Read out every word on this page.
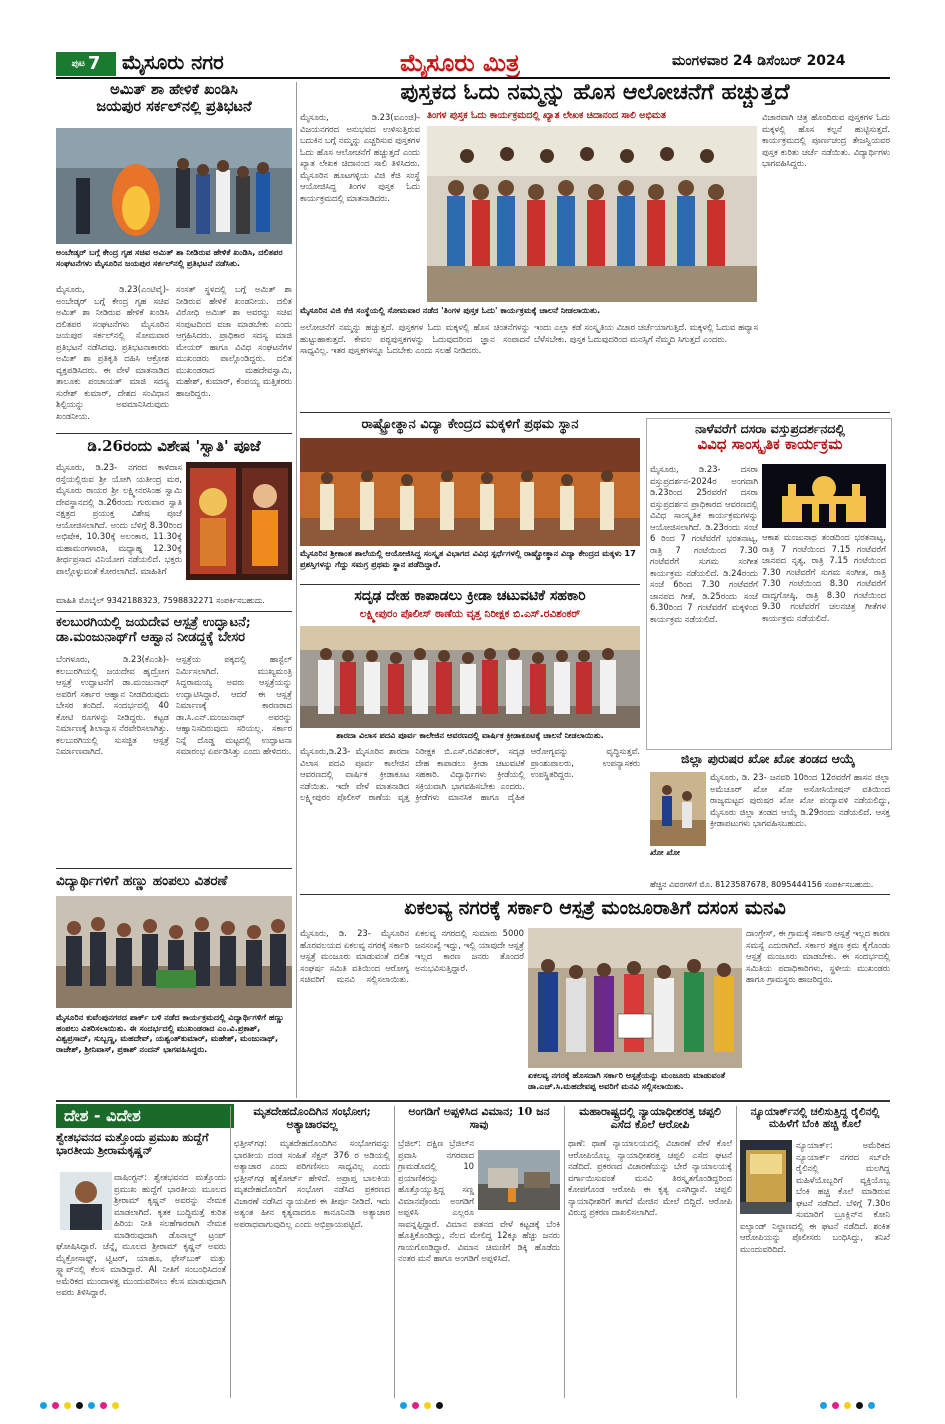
$^{ಪುಟ}$ 7	ಮೈಸೂರು ನಗರ	ಮೈಸೂರು ಮಿತ್ರ	ಮಂಗಳವಾರ 24 ಡಿಸೆಂಬರ್ 2024
ಅಮಿತ್ ಶಾ ಹೇಳಿಕೆ ಖಂಡಿಸಿ
ಜಯಪುರ ಸರ್ಕಲ್‌ನಲ್ಲಿ ಪ್ರತಿಭಟನೆ
ಅಂಬೇಡ್ಕರ್ ಬಗ್ಗೆ ಕೇಂದ್ರ ಗೃಹ ಸಚಿವ ಅಮಿತ್ ಶಾ ನೀಡಿರುವ ಹೇಳಿಕೆ ಖಂಡಿಸಿ, ದಲಿತಪರ ಸಂಘಟನೆಗಳು ಮೈಸೂರಿನ ಜಯಪುರ ಸರ್ಕಲ್‌ನಲ್ಲಿ ಪ್ರತಿಭಟನೆ ನಡೆಸಿತು.
ಮೈಸೂರು, ಡಿ.23(ಎಂಟಿವೈ)- ಅಂಬೇಡ್ಕರ್ ಬಗ್ಗೆ ಕೇಂದ್ರ ಗೃಹ ಸಚಿವ ಅಮಿತ್ ಶಾ ನೀಡಿರುವ ಹೇಳಿಕೆ ಖಂಡಿಸಿ ದಲಿತಪರ ಸಂಘಟನೆಗಳು ಮೈಸೂರಿನ ಜಯಪುರ ಸರ್ಕಲ್‌ನಲ್ಲಿ ಸೋಮವಾರ ಪ್ರತಿಭಟನೆ ನಡೆಸಿದವು. ಪ್ರತಿಭಟನಾಕಾರರು ಅಮಿತ್ ಶಾ ಪ್ರತಿಕೃತಿ ದಹಿಸಿ ಆಕ್ರೋಶ ವ್ಯಕ್ತಪಡಿಸಿದರು. ಈ ವೇಳೆ ಮಾತನಾಡಿದ ತಾಲೂಕು ಪಂಚಾಯತ್ ಮಾಜಿ ಸದಸ್ಯ ಸುರೇಶ್ ಕುಮಾರ್, ದೇಶದ ಸಂವಿಧಾನ ಶಿಲ್ಪಿಯನ್ನು ಅವಮಾನಿಸಿರುವುದು ಖಂಡನೀಯ.
ಸಂಸತ್ ಸ್ಥಳದಲ್ಲಿ ಬಗ್ಗೆ ಅಮಿತ್ ಶಾ ನೀಡಿರುವ ಹೇಳಿಕೆ ಖಂಡನೀಯ. ದಲಿತ ವಿರೋಧಿ ಅಮಿತ್ ಶಾ ಅವರನ್ನು ಸಚಿವ ಸಂಪುಟದಿಂದ ವಜಾ ಮಾಡಬೇಕು ಎಂದು ಆಗ್ರಹಿಸಿದರು. ಪ್ರಾಧಿಕಾರ ಸದಸ್ಯ ಮಾಜಿ ಮೇಯರ್ ಹಾಗೂ ವಿವಿಧ ಸಂಘಟನೆಗಳ ಮುಖಂಡರು ಪಾಲ್ಗೊಂಡಿದ್ದರು. ದಲಿತ ಮುಖಂಡರಾದ ಮಹದೇವಸ್ವಾಮಿ, ಮಹೇಶ್, ಕುಮಾರ್, ಕೆಂಪಯ್ಯ ಮತ್ತಿತರರು ಹಾಜರಿದ್ದರು.
ಡಿ.26ರಂದು ವಿಶೇಷ 'ಸ್ವಾತಿ' ಪೂಜೆ
ಮೈಸೂರು, ಡಿ.23- ನಗರದ ಕಾಳಿದಾಸ ರಸ್ತೆಯಲ್ಲಿರುವ ಶ್ರೀ ಯೋಗಿ ಯತೀಂದ್ರ ಮಠ, ಮೈಸೂರು ರಾಯರ ಶ್ರೀ ಲಕ್ಷ್ಮೀನರಸಿಂಹ ಸ್ವಾಮಿ ದೇವಸ್ಥಾನದಲ್ಲಿ ಡಿ.26ರಂದು ಗುರುವಾರ ಸ್ವಾತಿ ನಕ್ಷತ್ರದ ಪ್ರಯುಕ್ತ ವಿಶೇಷ ಪೂಜೆ ಆಯೋಜಿಸಲಾಗಿದೆ. ಅಂದು ಬೆಳಿಗ್ಗೆ 8.30ರಿಂದ ಅಭಿಷೇಕ, 10.30ಕ್ಕೆ ಅಲಂಕಾರ, 11.30ಕ್ಕೆ ಮಹಾಮಂಗಳಾರತಿ, ಮಧ್ಯಾಹ್ನ 12.30ಕ್ಕೆ ತೀರ್ಥಪ್ರಸಾದ ವಿನಿಯೋಗ ನಡೆಯಲಿದೆ. ಭಕ್ತರು ಪಾಲ್ಗೊಳ್ಳುವಂತೆ ಕೋರಲಾಗಿದೆ. ಮಾಹಿತಿಗೆ
ಮಾಹಿತಿ ಮೊಬೈಲ್ 9342188323, 7598832271 ಸಂಪರ್ಕಿಸಬಹುದು.
ಕಲಬುರಗಿಯಲ್ಲಿ ಜಯದೇವ ಆಸ್ಪತ್ರೆ ಉದ್ಘಾಟನೆ;
ಡಾ.ಮಂಜುನಾಥ್‌ಗೆ ಆಹ್ವಾನ ನೀಡದ್ದಕ್ಕೆ ಬೇಸರ
ಬೆಂಗಳೂರು, ಡಿ.23(ಕೆಎಂಶಿ)- ಕಲಬುರಗಿಯಲ್ಲಿ ಜಯದೇವ ಹೃದ್ರೋಗ ಆಸ್ಪತ್ರೆ ಉದ್ಘಾಟನೆಗೆ ಡಾ.ಮಂಜುನಾಥ್ ಅವರಿಗೆ ಸರ್ಕಾರ ಆಹ್ವಾನ ನೀಡದಿರುವುದು ಬೇಸರ ತಂದಿದೆ. ಸಂದರ್ಭದಲ್ಲಿ 40 ಕೋಟಿ ರೂಗಳನ್ನು ನೀಡಿದ್ದರು. ಕಟ್ಟಡ ನಿರ್ಮಾಣಕ್ಕೆ ಶಿಲಾನ್ಯಾಸ ನೆರವೇರಿಸಲಾಗಿತ್ತು. ಕಲಬುರಗಿಯಲ್ಲಿ ಸುಸಜ್ಜಿತ ಆಸ್ಪತ್ರೆ ನಿರ್ಮಾಣವಾಗಿದೆ.
ಆಸ್ಪತ್ರೆಯ ಪಕ್ಕದಲ್ಲಿ ಹಾಸ್ಟೆಲ್ ನಿರ್ಮಿಸಲಾಗಿದೆ. ಮುಖ್ಯಮಂತ್ರಿ ಸಿದ್ದರಾಮಯ್ಯ ಅವರು ಆಸ್ಪತ್ರೆಯನ್ನು ಉದ್ಘಾಟಿಸಿದ್ದಾರೆ. ಆದರೆ ಈ ಆಸ್ಪತ್ರೆ ನಿರ್ಮಾಣಕ್ಕೆ ಕಾರಣರಾದ ಡಾ.ಸಿ.ಎನ್.ಮಂಜುನಾಥ್ ಅವರನ್ನು ಆಹ್ವಾನಿಸದಿರುವುದು ಸರಿಯಲ್ಲ. ಸರ್ಕಾರ ನಿನ್ನೆ ದೊಡ್ಡ ಮಟ್ಟದಲ್ಲಿ ಉದ್ಘಾಟನಾ ಸಮಾರಂಭ ಏರ್ಪಡಿಸಿತ್ತು ಎಂದು ಹೇಳಿದರು.
ವಿದ್ಯಾರ್ಥಿಗಳಿಗೆ ಹಣ್ಣು ಹಂಪಲು ವಿತರಣೆ
ಮೈಸೂರಿನ ಕುವೆಂಪುನಗರದ ಪಾರ್ಕ್ ಬಳಿ ನಡೆದ ಕಾರ್ಯಕ್ರಮದಲ್ಲಿ ವಿದ್ಯಾರ್ಥಿಗಳಿಗೆ ಹಣ್ಣು ಹಂಪಲು ವಿತರಿಸಲಾಯಿತು. ಈ ಸಂದರ್ಭದಲ್ಲಿ ಮುಖಂಡರಾದ ಎಂ.ವಿ.ಪ್ರಕಾಶ್, ವಿಶ್ವಪ್ರಸಾದ್, ಸುಬ್ಬಣ್ಣ, ಮಹದೇವ್, ಯಶ್ವಂತ್‌ಕುಮಾರ್, ಮಹೇಶ್, ಮಂಜುನಾಥ್, ರಾಜೇಶ್, ಶ್ರೀನಿವಾಸ್, ಪ್ರಕಾಶ್ ನಂದನ್ ಭಾಗವಹಿಸಿದ್ದರು.
ಪುಸ್ತಕದ ಓದು ನಮ್ಮನ್ನು ಹೊಸ ಆಲೋಚನೆಗೆ ಹಚ್ಚುತ್ತದೆ
ಮೈಸೂರು, ಡಿ.23(ಐಎಂಜಿ)- ವಿಜಯನಗರದ ಅನುಭವದ ಉಳಿಸುತ್ತಿರುವ ಬದುಕಿನ ಬಗ್ಗೆ ನಮ್ಮನ್ನು ಎಚ್ಚರಿಸುವ ಪುಸ್ತಕಗಳ ಓದು ಹೊಸ ಆಲೋಚನೆಗೆ ಹಚ್ಚುತ್ತದೆ ಎಂದು ಖ್ಯಾತ ಲೇಖಕ ಚಿದಾನಂದ ಸಾಲಿ ತಿಳಿಸಿದರು. ಮೈಸೂರಿನ ಹೂಟಗಳ್ಳಿಯ ವಿಜಿ ಕೆಜಿ ಸಂಸ್ಥೆ ಆಯೋಜಿಸಿದ್ದ ತಿಂಗಳ ಪುಸ್ತಕ ಓದು ಕಾರ್ಯಕ್ರಮದಲ್ಲಿ ಮಾತನಾಡಿದರು.
ತಿಂಗಳ ಪುಸ್ತಕ ಓದು ಕಾರ್ಯಕ್ರಮದಲ್ಲಿ ಖ್ಯಾತ ಲೇಖಕ ಚಿದಾನಂದ ಸಾಲಿ ಅಭಿಮತ	ವಿಚಾರವಾಗಿ ಚಿತ್ರ ಹೊಂದಿರುವ ಪುಸ್ತಕಗಳ ಓದು ಮಕ್ಕಳಲ್ಲಿ ಹೊಸ ಕಲ್ಪನೆ ಹುಟ್ಟಿಸುತ್ತದೆ. ಕಾರ್ಯಕ್ರಮದಲ್ಲಿ ಪೂರ್ಣಚಂದ್ರ ತೇಜಸ್ವಿಯವರ ಪುಸ್ತಕ ಕುರಿತು ಚರ್ಚೆ ನಡೆಯಿತು. ವಿದ್ಯಾರ್ಥಿಗಳು ಭಾಗವಹಿಸಿದ್ದರು.
ಮೈಸೂರಿನ ವಿಜಿ ಕೆಜಿ ಸಂಸ್ಥೆಯಲ್ಲಿ ಸೋಮವಾರ ನಡೆದ 'ತಿಂಗಳ ಪುಸ್ತಕ ಓದು' ಕಾರ್ಯಕ್ರಮಕ್ಕೆ ಚಾಲನೆ ನೀಡಲಾಯಿತು.
ಅಲೋಚನೆಗೆ ನಮ್ಮನ್ನು ಹಚ್ಚುತ್ತದೆ. ಪುಸ್ತಕಗಳ ಓದು ಮಕ್ಕಳಲ್ಲಿ ಹೊಸ ಚಿಂತನೆಗಳನ್ನು ಹುಟ್ಟುಹಾಕುತ್ತದೆ. ಕೇವಲ ಪಠ್ಯಪುಸ್ತಕಗಳನ್ನು ಓದುವುದರಿಂದ ಜ್ಞಾನ ಸಂಪಾದನೆ ಸಾಧ್ಯವಿಲ್ಲ. ಇತರ ಪುಸ್ತಕಗಳನ್ನೂ ಓದಬೇಕು ಎಂದು ಸಲಹೆ ನೀಡಿದರು.
ಇಂದು ಎಲ್ಲಾ ಕಡೆ ಸಂಸ್ಕೃತಿಯ ವಿಚಾರ ಚರ್ಚೆಯಾಗುತ್ತಿದೆ. ಮಕ್ಕಳಲ್ಲಿ ಓದುವ ಹವ್ಯಾಸ ಬೆಳೆಸಬೇಕು. ಪುಸ್ತಕ ಓದುವುದರಿಂದ ಮನಸ್ಸಿಗೆ ನೆಮ್ಮದಿ ಸಿಗುತ್ತದೆ ಎಂದರು.
ರಾಷ್ಟ್ರೋತ್ಥಾನ ವಿದ್ಯಾ ಕೇಂದ್ರದ ಮಕ್ಕಳಿಗೆ ಪ್ರಥಮ ಸ್ಥಾನ
ಮೈಸೂರಿನ ಶ್ರೀಕಾಂತ ಶಾಲೆಯಲ್ಲಿ ಆಯೋಜಿಸಿದ್ದ ಸಂಸ್ಕೃತ ವಿಭಾಗದ ವಿವಿಧ ಸ್ಪರ್ಧೆಗಳಲ್ಲಿ ರಾಷ್ಟ್ರೋತ್ಥಾನ ವಿದ್ಯಾ ಕೇಂದ್ರದ ಮಕ್ಕಳು 17 ಪ್ರಶಸ್ತಿಗಳನ್ನು ಗೆದ್ದು ಸಮಗ್ರ ಪ್ರಥಮ ಸ್ಥಾನ ಪಡೆದಿದ್ದಾರೆ.
ನಾಳೆವರೆಗೆ ದಸರಾ ವಸ್ತುಪ್ರದರ್ಶನದಲ್ಲಿ
ವಿವಿಧ ಸಾಂಸ್ಕೃತಿಕ ಕಾರ್ಯಕ್ರಮ
ಮೈಸೂರು, ಡಿ.23- ದಸರಾ ವಸ್ತುಪ್ರದರ್ಶನ-2024ರ ಅಂಗವಾಗಿ ಡಿ.23ರಿಂದ 25ರವರೆಗೆ ದಸರಾ ವಸ್ತುಪ್ರದರ್ಶನ ಪ್ರಾಧಿಕಾರದ ಆವರಣದಲ್ಲಿ ವಿವಿಧ ಸಾಂಸ್ಕೃತಿಕ ಕಾರ್ಯಕ್ರಮಗಳನ್ನು ಆಯೋಜಿಸಲಾಗಿದೆ. ಡಿ.23ರಂದು ಸಂಜೆ 6 ರಿಂದ 7 ಗಂಟೆವರೆಗೆ ಭರತನಾಟ್ಯ, ರಾತ್ರಿ 7 ಗಂಟೆಯಿಂದ 7.30 ಗಂಟೆವರೆಗೆ ಸುಗಮ ಸಂಗೀತ ಕಾರ್ಯಕ್ರಮ ನಡೆಯಲಿದೆ. ಡಿ.24ರಂದು ಸಂಜೆ 6ರಿಂದ 7.30 ಗಂಟೆವರೆಗೆ ಜಾನಪದ ಗೀತೆ, ಡಿ.25ರಂದು ಸಂಜೆ 6.30ರಿಂದ 7 ಗಂಟೆವರೆಗೆ ಮಕ್ಕಳಿಂದ ಕಾರ್ಯಕ್ರಮ ನಡೆಯಲಿದೆ.
ಆಕಾಶ ಮಂಜುನಾಥ ತಂಡದಿಂದ ಭರತನಾಟ್ಯ, ರಾತ್ರಿ 7 ಗಂಟೆಯಿಂದ 7.15 ಗಂಟೆವರೆಗೆ ಜಾನಪದ ನೃತ್ಯ, ರಾತ್ರಿ 7.15 ಗಂಟೆಯಿಂದ 7.30 ಗಂಟೆವರೆಗೆ ಸುಗಮ ಸಂಗೀತ, ರಾತ್ರಿ 7.30 ಗಂಟೆಯಿಂದ 8.30 ಗಂಟೆವರೆಗೆ ವಾದ್ಯಗೋಷ್ಠಿ, ರಾತ್ರಿ 8.30 ಗಂಟೆಯಿಂದ 9.30 ಗಂಟೆವರೆಗೆ ಚಲನಚಿತ್ರ ಗೀತೆಗಳ ಕಾರ್ಯಕ್ರಮ ನಡೆಯಲಿದೆ.
ಸದೃಢ ದೇಹ ಕಾಪಾಡಲು ಕ್ರೀಡಾ ಚಟುವಟಿಕೆ ಸಹಕಾರಿ
ಲಕ್ಷ್ಮೀಪುರಂ ಪೊಲೀಸ್ ಠಾಣೆಯ ವೃತ್ತ ನಿರೀಕ್ಷಕ ಬಿ.ಎಸ್.ರವಿಶಂಕರ್
ಶಾರದಾ ವಿಲಾಸ ಪದವಿ ಪೂರ್ವ ಕಾಲೇಜಿನ ಆವರಣದಲ್ಲಿ ವಾರ್ಷಿಕ ಕ್ರೀಡಾಕೂಟಕ್ಕೆ ಚಾಲನೆ ನೀಡಲಾಯಿತು.
ಮೈಸೂರು,ಡಿ.23- ಮೈಸೂರಿನ ಶಾರದಾ ವಿಲಾಸ ಪದವಿ ಪೂರ್ವ ಕಾಲೇಜಿನ ಆವರಣದಲ್ಲಿ ವಾರ್ಷಿಕ ಕ್ರೀಡಾಕೂಟ ನಡೆಯಿತು. ಇದೇ ವೇಳೆ ಮಾತನಾಡಿದ ಲಕ್ಷ್ಮೀಪುರಂ ಪೊಲೀಸ್ ಠಾಣೆಯ ವೃತ್ತ ನಿರೀಕ್ಷಕ ಬಿ.ಎಸ್.ರವಿಶಂಕರ್, ಸದೃಢ ದೇಹ ಕಾಪಾಡಲು ಕ್ರೀಡಾ ಚಟುವಟಿಕೆ ಸಹಕಾರಿ. ವಿದ್ಯಾರ್ಥಿಗಳು ಕ್ರೀಡೆಯಲ್ಲಿ ಸಕ್ರಿಯವಾಗಿ ಭಾಗವಹಿಸಬೇಕು ಎಂದರು. ಕ್ರೀಡೆಗಳು ಮಾನಸಿಕ ಹಾಗೂ ದೈಹಿಕ ಆರೋಗ್ಯವನ್ನು ವೃದ್ಧಿಸುತ್ತವೆ. ಪ್ರಾಂಶುಪಾಲರು, ಉಪನ್ಯಾಸಕರು ಉಪಸ್ಥಿತರಿದ್ದರು.
ಜಿಲ್ಲಾ ಪುರುಷರ ಖೋ ಖೋ ತಂಡದ ಆಯ್ಕೆ
ಖೋ ಖೋ
ಮೈಸೂರು, ಡಿ. 23- ಜನವರಿ 10ರಿಂದ 12ರವರೆಗೆ ಹಾಸನ ಜಿಲ್ಲಾ ಅಮೆಚೂರ್ ಖೋ ಖೋ ಅಸೋಸಿಯೇಷನ್ ವತಿಯಿಂದ ರಾಜ್ಯಮಟ್ಟದ ಪುರುಷರ ಖೋ ಖೋ ಪಂದ್ಯಾವಳಿ ನಡೆಯಲಿದ್ದು, ಮೈಸೂರು ಜಿಲ್ಲಾ ತಂಡದ ಆಯ್ಕೆ ಡಿ.29ರಂದು ನಡೆಯಲಿದೆ. ಆಸಕ್ತ ಕ್ರೀಡಾಪಟುಗಳು ಭಾಗವಹಿಸಬಹುದು.
ಹೆಚ್ಚಿನ ವಿವರಗಳಿಗೆ ಮೊ. 8123587678, 8095444156 ಸಂಪರ್ಕಿಸಬಹುದು.
ಏಕಲವ್ಯ ನಗರಕ್ಕೆ ಸರ್ಕಾರಿ ಆಸ್ಪತ್ರೆ ಮಂಜೂರಾತಿಗೆ ದಸಂಸ ಮನವಿ
ಮೈಸೂರು, ಡಿ. 23- ಮೈಸೂರಿನ ಹೊರವಲಯದ ಏಕಲವ್ಯ ನಗರಕ್ಕೆ ಸರ್ಕಾರಿ ಆಸ್ಪತ್ರೆ ಮಂಜೂರು ಮಾಡುವಂತೆ ದಲಿತ ಸಂಘರ್ಷ ಸಮಿತಿ ವತಿಯಿಂದ ಆರೋಗ್ಯ ಸಚಿವರಿಗೆ ಮನವಿ ಸಲ್ಲಿಸಲಾಯಿತು. ಏಕಲವ್ಯ ನಗರದಲ್ಲಿ ಸುಮಾರು 5000 ಜನಸಂಖ್ಯೆ ಇದ್ದು, ಇಲ್ಲಿ ಯಾವುದೇ ಆಸ್ಪತ್ರೆ ಇಲ್ಲದ ಕಾರಣ ಜನರು ತೊಂದರೆ ಅನುಭವಿಸುತ್ತಿದ್ದಾರೆ.
ಏಕಲವ್ಯ ನಗರಕ್ಕೆ ಹೊಸದಾಗಿ ಸರ್ಕಾರಿ ಆಸ್ಪತ್ರೆಯನ್ನು ಮಂಜೂರು ಮಾಡುವಂತೆ ಡಾ.ಎಚ್.ಸಿ.ಮಹದೇವಪ್ಪ ಅವರಿಗೆ ಮನವಿ ಸಲ್ಲಿಸಲಾಯಿತು.
ದಾಂಗ್ರೇಸ್, ಈ ಗ್ರಾಮಕ್ಕೆ ಸರ್ಕಾರಿ ಆಸ್ಪತ್ರೆ ಇಲ್ಲದ ಕಾರಣ ಸಮಸ್ಯೆ ಎದುರಾಗಿದೆ. ಸರ್ಕಾರ ತಕ್ಷಣ ಕ್ರಮ ಕೈಗೊಂಡು ಆಸ್ಪತ್ರೆ ಮಂಜೂರು ಮಾಡಬೇಕು. ಈ ಸಂದರ್ಭದಲ್ಲಿ ಸಮಿತಿಯ ಪದಾಧಿಕಾರಿಗಳು, ಸ್ಥಳೀಯ ಮುಖಂಡರು ಹಾಗೂ ಗ್ರಾಮಸ್ಥರು ಹಾಜರಿದ್ದರು.
ದೇಶ - ವಿದೇಶ
ಶ್ವೇತಭವನದ ಮತ್ತೊಂದು ಪ್ರಮುಖ ಹುದ್ದೆಗೆ ಭಾರತೀಯ ಶ್ರೀರಾಮಕೃಷ್ಣನ್
ವಾಷಿಂಗ್ಟನ್: ಶ್ವೇತಭವನದ ಮತ್ತೊಂದು ಪ್ರಮುಖ ಹುದ್ದೆಗೆ ಭಾರತೀಯ ಮೂಲದ ಶ್ರೀರಾಮ್ ಕೃಷ್ಣನ್ ಅವರನ್ನು ನೇಮಕ ಮಾಡಲಾಗಿದೆ. ಕೃತಕ ಬುದ್ಧಿಮತ್ತೆ ಕುರಿತ ಹಿರಿಯ ನೀತಿ ಸಲಹೆಗಾರರಾಗಿ ನೇಮಕ ಮಾಡಿರುವುದಾಗಿ ಡೊನಾಲ್ಡ್ ಟ್ರಂಪ್ ಘೋಷಿಸಿದ್ದಾರೆ. ಚೆನ್ನೈ ಮೂಲದ ಶ್ರೀರಾಮ್ ಕೃಷ್ಣನ್ ಅವರು ಮೈಕ್ರೋಸಾಫ್ಟ್, ಟ್ವಿಟರ್, ಯಾಹೂ, ಫೇಸ್‌ಬುಕ್ ಮತ್ತು ಸ್ನ್ಯಾಪ್‌ನಲ್ಲಿ ಕೆಲಸ ಮಾಡಿದ್ದಾರೆ. AI ನೀತಿಗೆ ಸಂಬಂಧಿಸಿದಂತೆ ಅಮೆರಿಕದ ಮುಂದಾಳತ್ವ ಮುಂದುವರಿಸಲು ಕೆಲಸ ಮಾಡುವುದಾಗಿ ಅವರು ತಿಳಿಸಿದ್ದಾರೆ.
ಮೃತದೇಹದೊಂದಿಗಿನ ಸಂಭೋಗ; ಅತ್ಯಾಚಾರವಲ್ಲ
ಛತ್ತೀಸ್‌ಗಢ: ಮೃತದೇಹದೊಂದಿಗಿನ ಸಂಭೋಗವನ್ನು ಭಾರತೀಯ ದಂಡ ಸಂಹಿತೆ ಸೆಕ್ಷನ್ 376 ರ ಅಡಿಯಲ್ಲಿ ಅತ್ಯಾಚಾರ ಎಂದು ಪರಿಗಣಿಸಲು ಸಾಧ್ಯವಿಲ್ಲ ಎಂದು ಛತ್ತೀಸ್‌ಗಢ ಹೈಕೋರ್ಟ್ ಹೇಳಿದೆ. ಅಪ್ರಾಪ್ತ ಬಾಲಕಿಯ ಮೃತದೇಹದೊಂದಿಗೆ ಸಂಭೋಗ ನಡೆಸಿದ ಪ್ರಕರಣದ ವಿಚಾರಣೆ ನಡೆಸಿದ ನ್ಯಾಯಪೀಠ ಈ ತೀರ್ಪು ನೀಡಿದೆ. ಇದು ಅತ್ಯಂತ ಹೀನ ಕೃತ್ಯವಾದರೂ ಕಾನೂನಿನಡಿ ಅತ್ಯಾಚಾರ ಅಪರಾಧವಾಗುವುದಿಲ್ಲ ಎಂದು ಅಭಿಪ್ರಾಯಪಟ್ಟಿದೆ.
ಅಂಗಡಿಗೆ ಅಪ್ಪಳಿಸಿದ ವಿಮಾನ; 10 ಜನ ಸಾವು
ಬ್ರೆಜಿಲ್: ದಕ್ಷಿಣ ಬ್ರೆಜಿಲ್‌ನ ಪ್ರವಾಸಿ ನಗರವಾದ ಗ್ರಾಮಡೊದಲ್ಲಿ 10 ಪ್ರಯಾಣಿಕರನ್ನು ಹೊತ್ತೊಯ್ಯುತ್ತಿದ್ದ ಸಣ್ಣ ವಿಮಾನವೊಂದು ಅಂಗಡಿಗೆ ಅಪ್ಪಳಿಸಿ ಎಲ್ಲರೂ ಸಾವನ್ನಪ್ಪಿದ್ದಾರೆ. ವಿಮಾನ ಪತನದ ವೇಳೆ ಕಟ್ಟಡಕ್ಕೆ ಬೆಂಕಿ ಹೊತ್ತಿಕೊಂಡಿದ್ದು, ನೆಲದ ಮೇಲಿದ್ದ 12ಕ್ಕೂ ಹೆಚ್ಚು ಜನರು ಗಾಯಗೊಂಡಿದ್ದಾರೆ. ವಿಮಾನ ಚಿಮಣಿಗೆ ಡಿಕ್ಕಿ ಹೊಡೆದು ನಂತರ ಮನೆ ಹಾಗೂ ಅಂಗಡಿಗೆ ಅಪ್ಪಳಿಸಿದೆ.
ಮಹಾರಾಷ್ಟ್ರದಲ್ಲಿ ನ್ಯಾಯಾಧೀಶರತ್ತ ಚಪ್ಪಲಿ ಎಸೆದ ಕೊಲೆ ಆರೋಪಿ
ಥಾಣೆ: ಥಾಣೆ ನ್ಯಾಯಾಲಯದಲ್ಲಿ ವಿಚಾರಣೆ ವೇಳೆ ಕೊಲೆ ಆರೋಪಿಯೊಬ್ಬ ನ್ಯಾಯಾಧೀಶರತ್ತ ಚಪ್ಪಲಿ ಎಸೆದ ಘಟನೆ ನಡೆದಿದೆ. ಪ್ರಕರಣದ ವಿಚಾರಣೆಯನ್ನು ಬೇರೆ ನ್ಯಾಯಾಲಯಕ್ಕೆ ವರ್ಗಾಯಿಸುವಂತೆ ಮನವಿ ತಿರಸ್ಕೃತಗೊಂಡಿದ್ದರಿಂದ ಕೋಪಗೊಂಡ ಆರೋಪಿ ಈ ಕೃತ್ಯ ಎಸಗಿದ್ದಾನೆ. ಚಪ್ಪಲಿ ನ್ಯಾಯಾಧೀಶರಿಗೆ ತಾಗದೆ ಮೇಜಿನ ಮೇಲೆ ಬಿದ್ದಿದೆ. ಆರೋಪಿ ವಿರುದ್ಧ ಪ್ರಕರಣ ದಾಖಲಿಸಲಾಗಿದೆ.
ನ್ಯೂಯಾರ್ಕ್‌ನಲ್ಲಿ ಚಲಿಸುತ್ತಿದ್ದ ರೈಲಿನಲ್ಲಿ ಮಹಿಳೆಗೆ ಬೆಂಕಿ ಹಚ್ಚಿ ಕೊಲೆ
ನ್ಯೂಯಾರ್ಕ್: ಅಮೆರಿಕದ ನ್ಯೂಯಾರ್ಕ್ ನಗರದ ಸಬ್‌ವೇ ರೈಲಿನಲ್ಲಿ ಮಲಗಿದ್ದ ಮಹಿಳೆಯೊಬ್ಬರಿಗೆ ವ್ಯಕ್ತಿಯೊಬ್ಬ ಬೆಂಕಿ ಹಚ್ಚಿ ಕೊಲೆ ಮಾಡಿರುವ ಘಟನೆ ನಡೆದಿದೆ. ಬೆಳಿಗ್ಗೆ 7.30ರ ಸುಮಾರಿಗೆ ಬ್ರೂಕ್ಲಿನ್‌ನ ಕೋನಿ ಐಲ್ಯಾಂಡ್ ನಿಲ್ದಾಣದಲ್ಲಿ ಈ ಘಟನೆ ನಡೆದಿದೆ. ಶಂಕಿತ ಆರೋಪಿಯನ್ನು ಪೊಲೀಸರು ಬಂಧಿಸಿದ್ದು, ತನಿಖೆ ಮುಂದುವರಿದಿದೆ.
